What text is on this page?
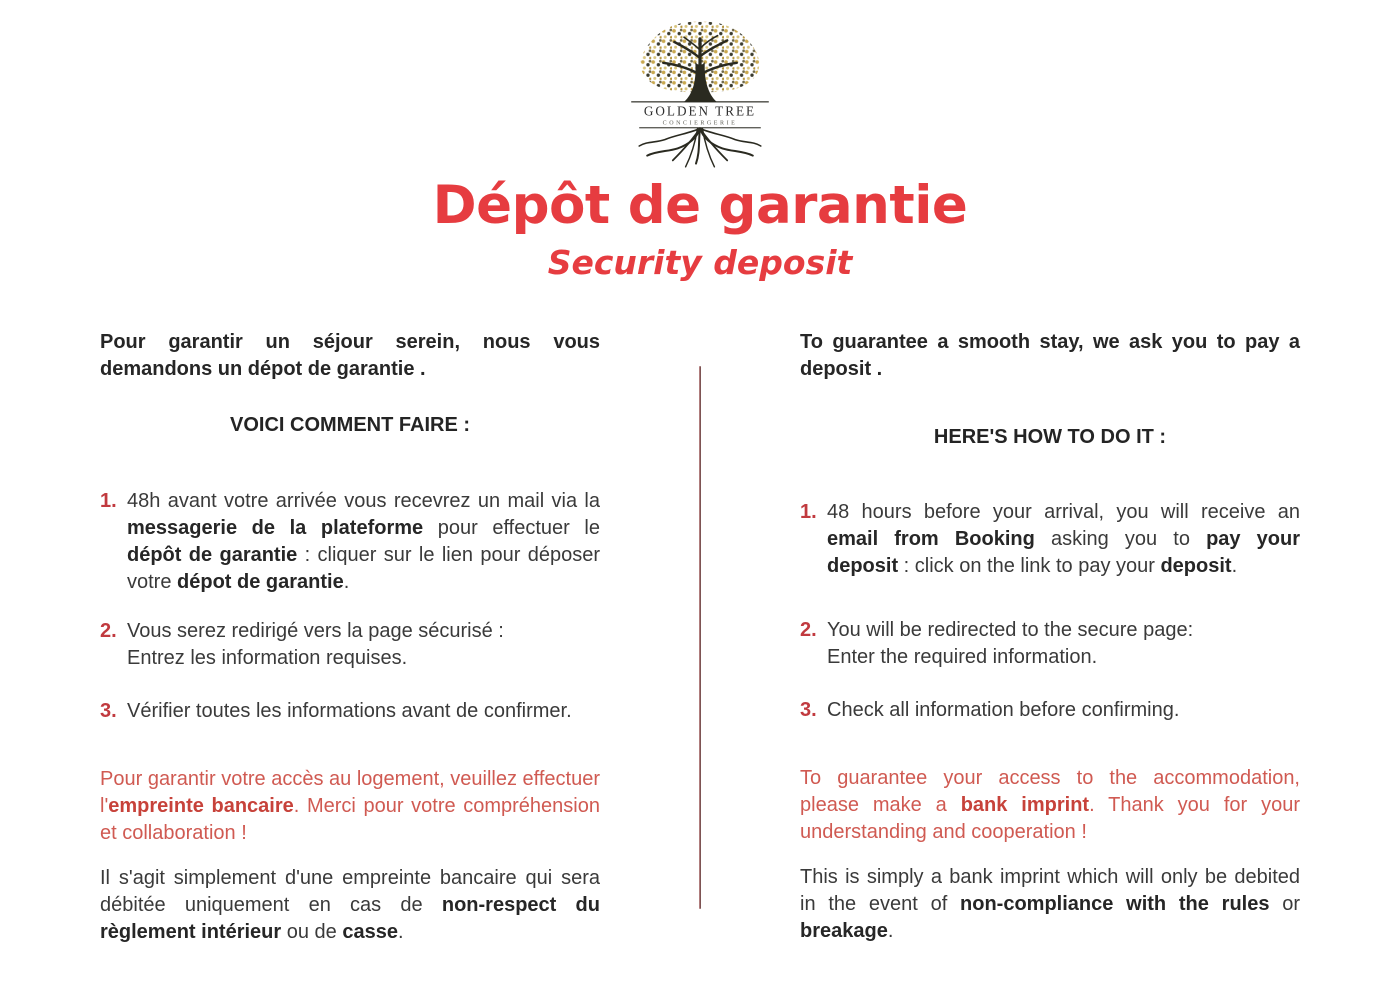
GOLDEN TREE
CONCIERGERIE
Dépôt de garantie
Security deposit

Pour garantir un séjour serein, nous vous demandons un dépot de garantie .

VOICI COMMENT FAIRE :
1. 48h avant votre arrivée vous recevrez un mail via la messagerie de la plateforme pour effectuer le dépôt de garantie : cliquer sur le lien pour déposer votre dépot de garantie.
2. Vous serez redirigé vers la page sécurisé :
Entrez les information requises.
3. Vérifier toutes les informations avant de confirmer.

Pour garantir votre accès au logement, veuillez effectuer l'empreinte bancaire. Merci pour votre compréhension et collaboration !

Il s'agit simplement d'une empreinte bancaire qui sera débitée uniquement en cas de non-respect du règlement intérieur ou de casse.

To guarantee a smooth stay, we ask you to pay a deposit .

HERE'S HOW TO DO IT :
1. 48 hours before your arrival, you will receive an email from Booking asking you to pay your deposit : click on the link to pay your deposit.
2. You will be redirected to the secure page:
Enter the required information.
3. Check all information before confirming.

To guarantee your access to the accommodation, please make a bank imprint. Thank you for your understanding and cooperation !

This is simply a bank imprint which will only be debited in the event of non-compliance with the rules or breakage.
